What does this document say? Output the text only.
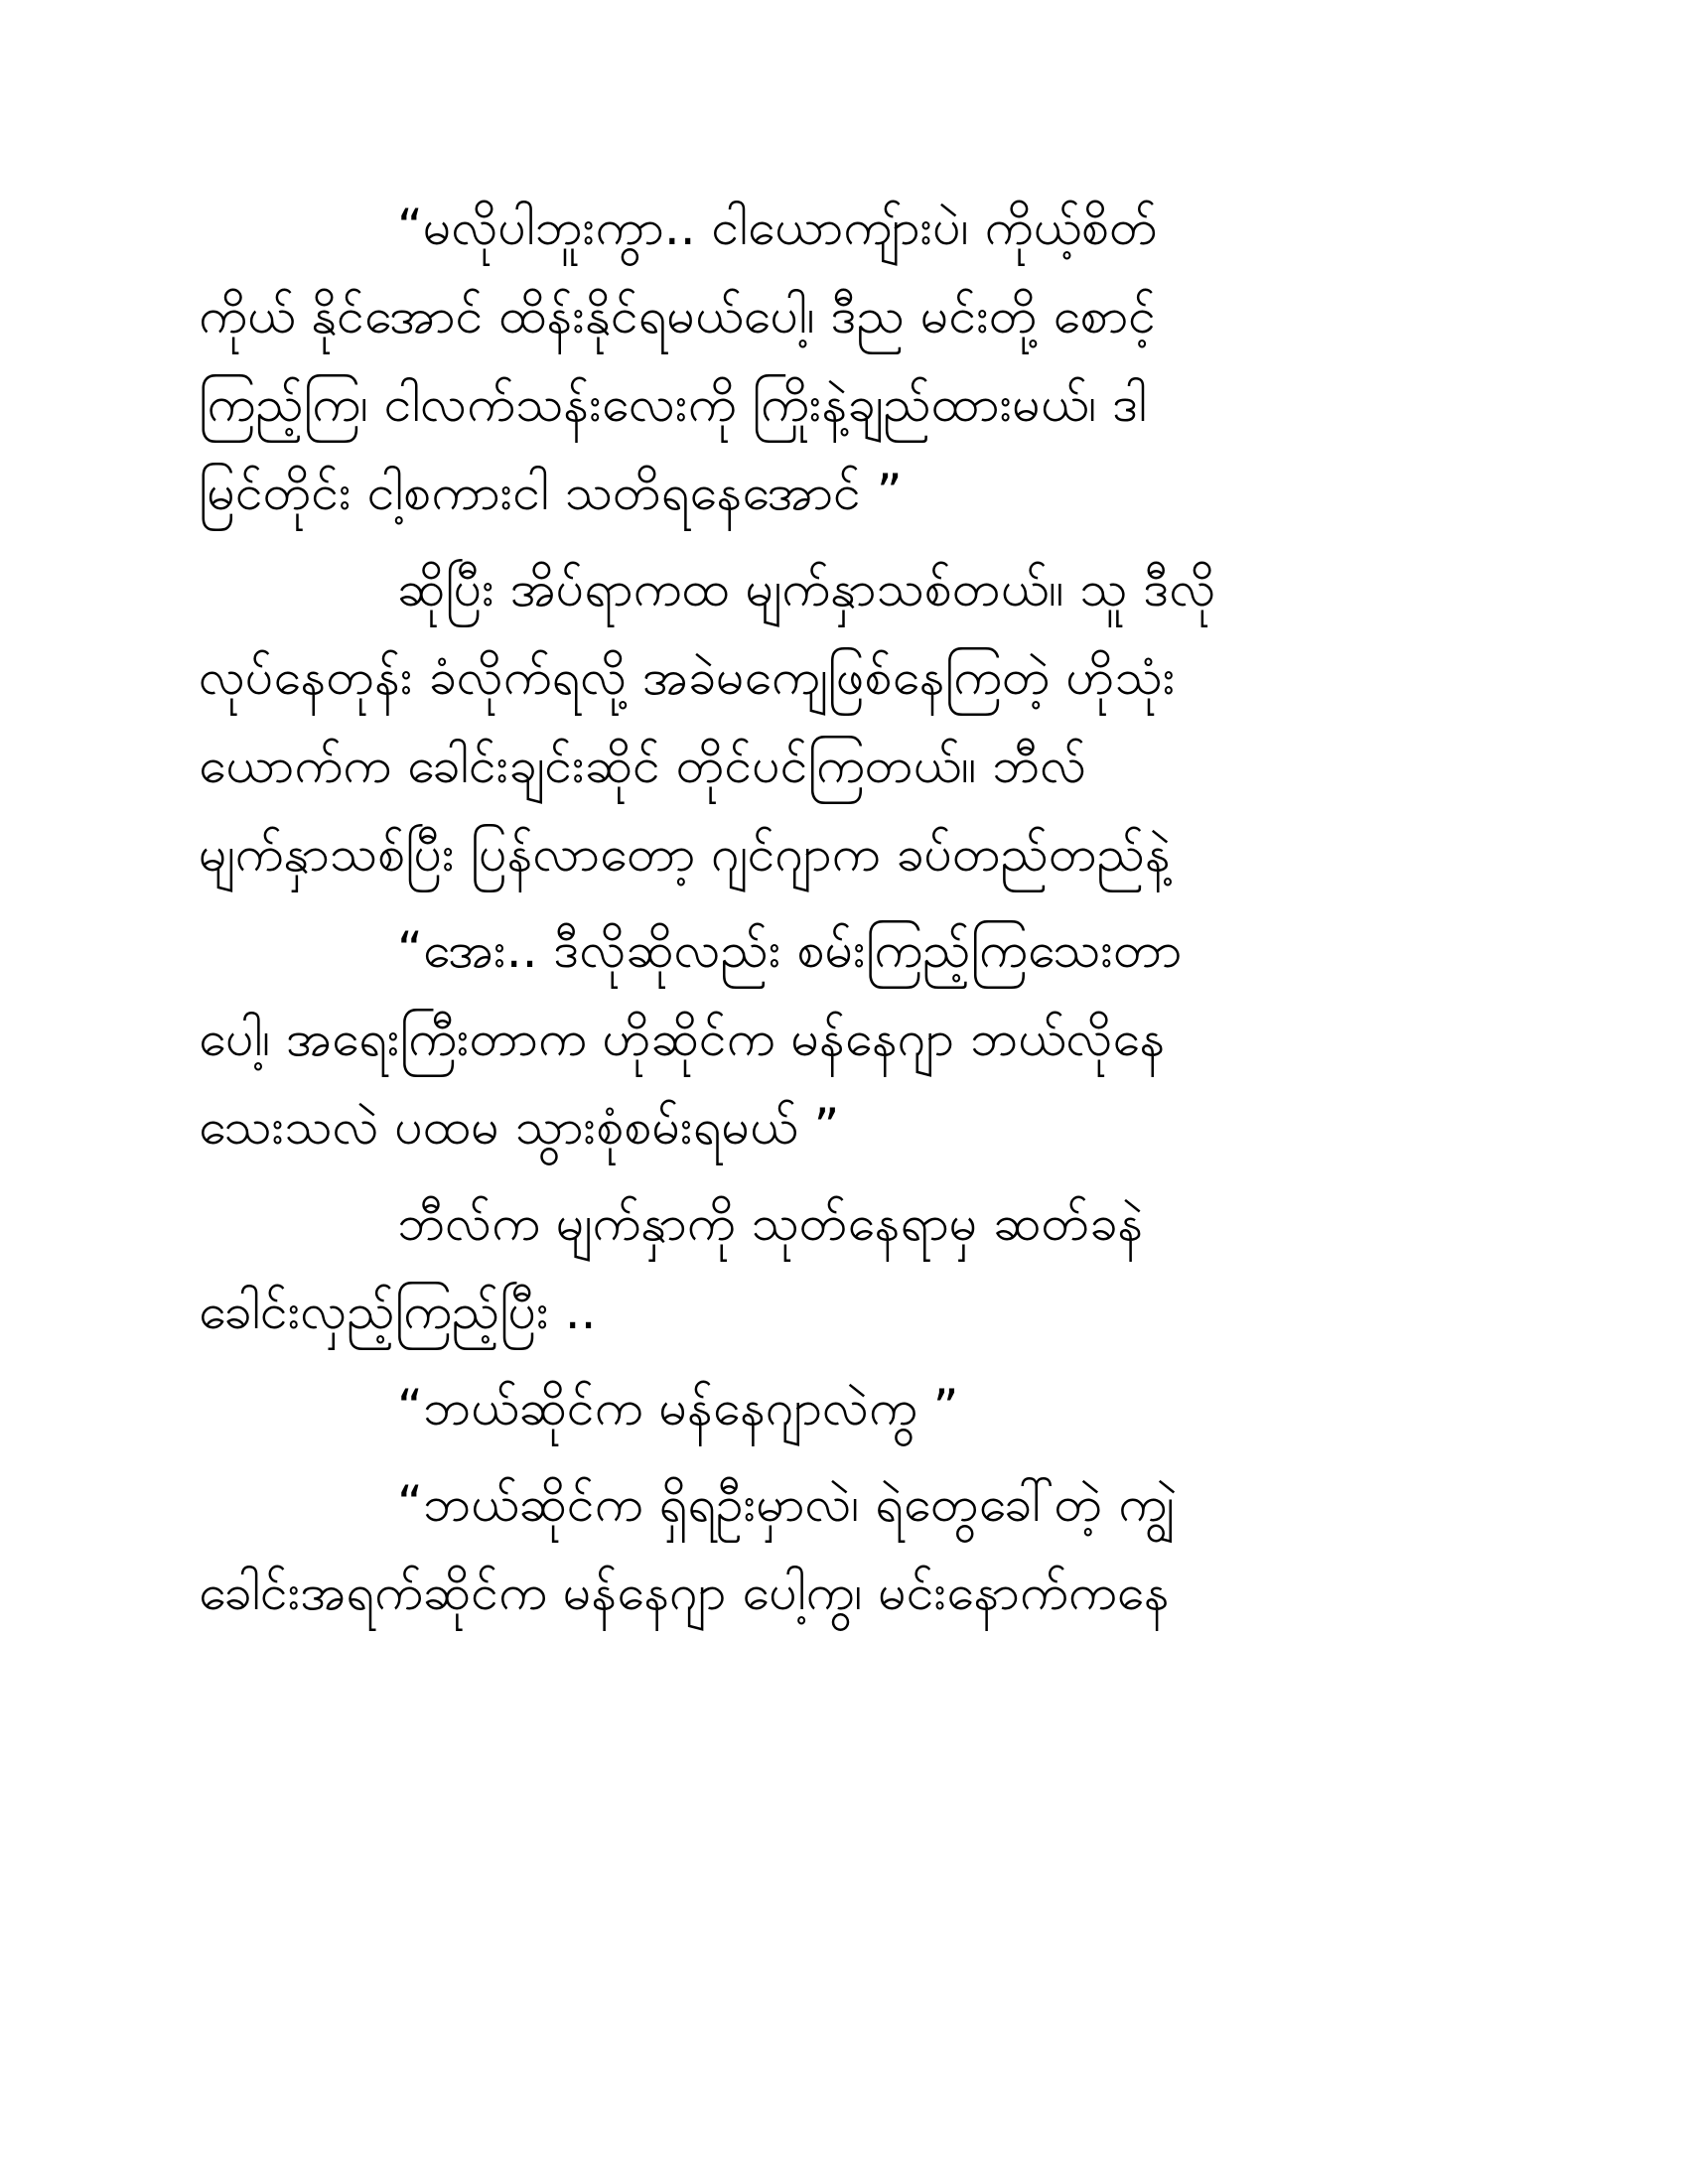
“မလိုပါဘူးကွာ.. ငါယောကျ်ားပဲ၊ ကိုယ့်စိတ်
ကိုယ် နိုင်အောင် ထိန်းနိုင်ရမယ်ပေါ့၊ ဒီည မင်းတို့ စောင့်
ကြည့်ကြ၊ ငါလက်သန်းလေးကို ကြိုးနဲ့ချည်ထားမယ်၊ ဒါ
မြင်တိုင်း ငါ့စကားငါ သတိရနေအောင် ”

ဆိုပြီး အိပ်ရာကထ မျက်နှာသစ်တယ်။ သူ ဒီလို
လုပ်နေတုန်း ခံလိုက်ရလို့ အခဲမကျေဖြစ်နေကြတဲ့ ဟိုသုံး
ယောက်က ခေါင်းချင်းဆိုင် တိုင်ပင်ကြတယ်။ ဘီလ်
မျက်နှာသစ်ပြီး ပြန်လာတော့ ဂျင်ဂျာက ခပ်တည်တည်နဲ့

“အေး.. ဒီလိုဆိုလည်း စမ်းကြည့်ကြသေးတာ
ပေါ့၊ အရေးကြီးတာက ဟိုဆိုင်က မန်နေဂျာ ဘယ်လိုနေ
သေးသလဲ ပထမ သွားစုံစမ်းရမယ် ”

ဘီလ်က မျက်နှာကို သုတ်နေရာမှ ဆတ်ခနဲ
ခေါင်းလှည့်ကြည့်ပြီး ..

“ဘယ်ဆိုင်က မန်နေဂျာလဲကွ ”

“ဘယ်ဆိုင်က ရှိရဦးမှာလဲ၊ ရဲတွေခေါ်တဲ့ ကျွဲ
ခေါင်းအရက်ဆိုင်က မန်နေဂျာ ပေါ့ကွ၊ မင်းနောက်ကနေ
